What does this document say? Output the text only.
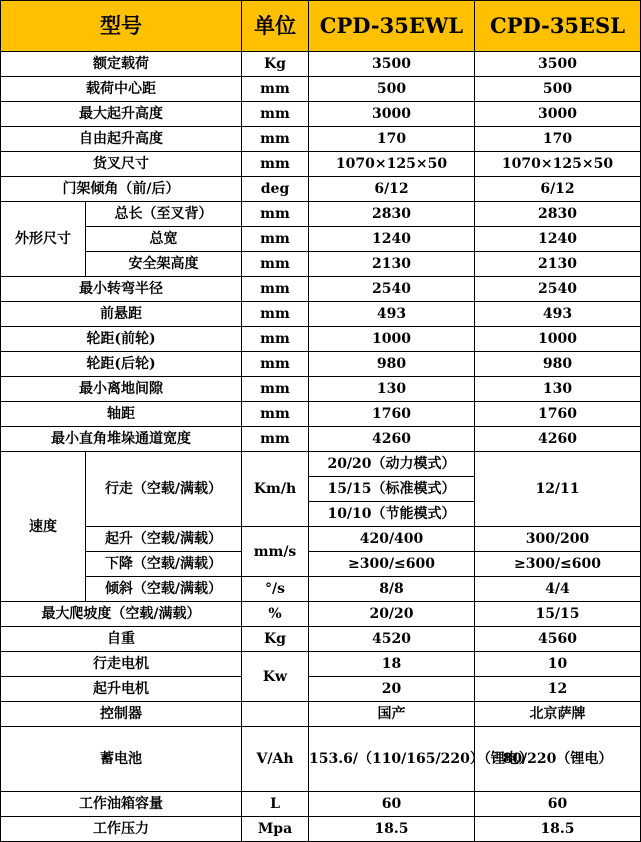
型号		单位	CPD-35EWL	CPD-35ESL
额定载荷		Kg	3500	3500
载荷中心距		mm	500	500
最大起升高度		mm	3000	3000
自由起升高度		mm	170	170
货叉尺寸		mm	1070×125×50	1070×125×50
门架倾角（前/后）		deg	6/12	6/12
外形尺寸	总长（至叉背）	mm	2830	2830
	总宽	mm	1240	1240
	安全架高度	mm	2130	2130
最小转弯半径		mm	2540	2540
前悬距		mm	493	493
轮距(前轮)		mm	1000	1000
轮距(后轮)		mm	980	980
最小离地间隙		mm	130	130
轴距		mm	1760	1760
最小直角堆垛通道宽度		mm	4260	4260
速度	行走（空载/满载）	Km/h	20/20（动力模式）	12/11
			15/15（标准模式）	
			10/10（节能模式）	
	起升（空载/满载）	mm/s	420/400	300/200
	下降（空载/满载）		≥300/≤600	≥300/≤600
	倾斜（空载/满载）	°/s	8/8	4/4
最大爬坡度（空载/满载）		%	20/20	15/15
自重		Kg	4520	4560
行走电机		Kw	18	10
起升电机			20	12
控制器			国产	北京萨牌
蓄电池		V/Ah	153.6/（110/165/220）（锂电）	80/220（锂电）
工作油箱容量		L	60	60
工作压力		Mpa	18.5	18.5
